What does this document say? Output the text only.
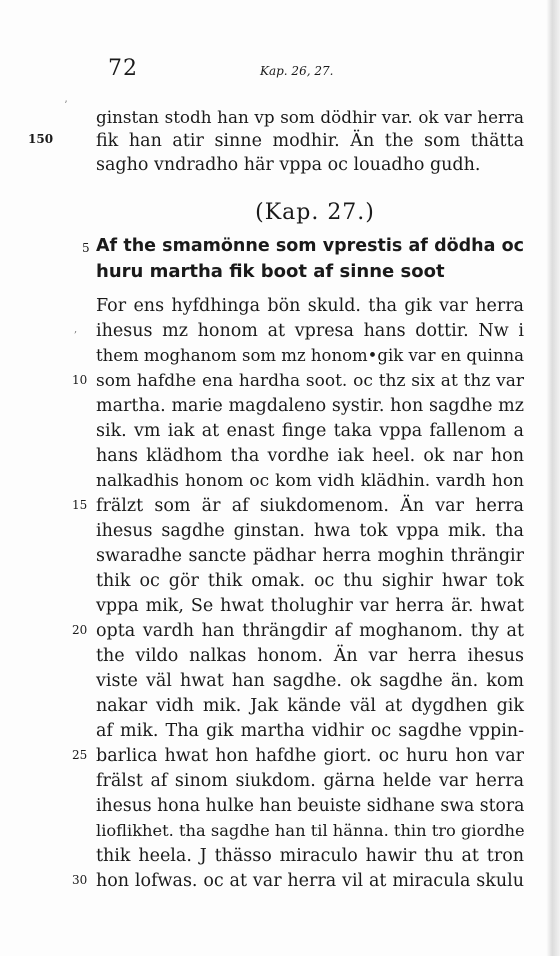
72	Kap. 26, 27.
ʼ
ginstan stodh han vp som dödhir var. ok var herra
150 fik han atir sinne modhir. Än the som thätta
sagho vndradho här vppa oc louadho gudh.
(Kap. 27.)
5 Af the smamönne som vprestis af dödha oc
huru martha fik boot af sinne soot
For ens hyfdhinga bön skuld. tha gik var herra
, ihesus mz honom at vpresa hans dottir. Nw i
them moghanom som mz honom•gik var en quinna
10 som hafdhe ena hardha soot. oc thz six at thz var
martha. marie magdaleno systir. hon sagdhe mz
sik. vm iak at enast finge taka vppa fallenom a
hans klädhom tha vordhe iak heel. ok nar hon
nalkadhis honom oc kom vidh klädhin. vardh hon
15 frälzt som är af siukdomenom. Än var herra
ihesus sagdhe ginstan. hwa tok vppa mik. tha
swaradhe sancte pädhar herra moghin thrängir
thik oc gör thik omak. oc thu sighir hwar tok
vppa mik, Se hwat tholughir var herra är. hwat
20 opta vardh han thrängdir af moghanom. thy at
the vildo nalkas honom. Än var herra ihesus
viste väl hwat han sagdhe. ok sagdhe än. kom
nakar vidh mik. Jak kände väl at dygdhen gik
af mik. Tha gik martha vidhir oc sagdhe vppin-
25 barlica hwat hon hafdhe giort. oc huru hon var
frälst af sinom siukdom. gärna helde var herra
ihesus hona hulke han beuiste sidhane swa stora
lioflikhet. tha sagdhe han til hänna. thin tro giordhe
thik heela. J thässo miraculo hawir thu at tron
30 hon lofwas. oc at var herra vil at miracula skulu
